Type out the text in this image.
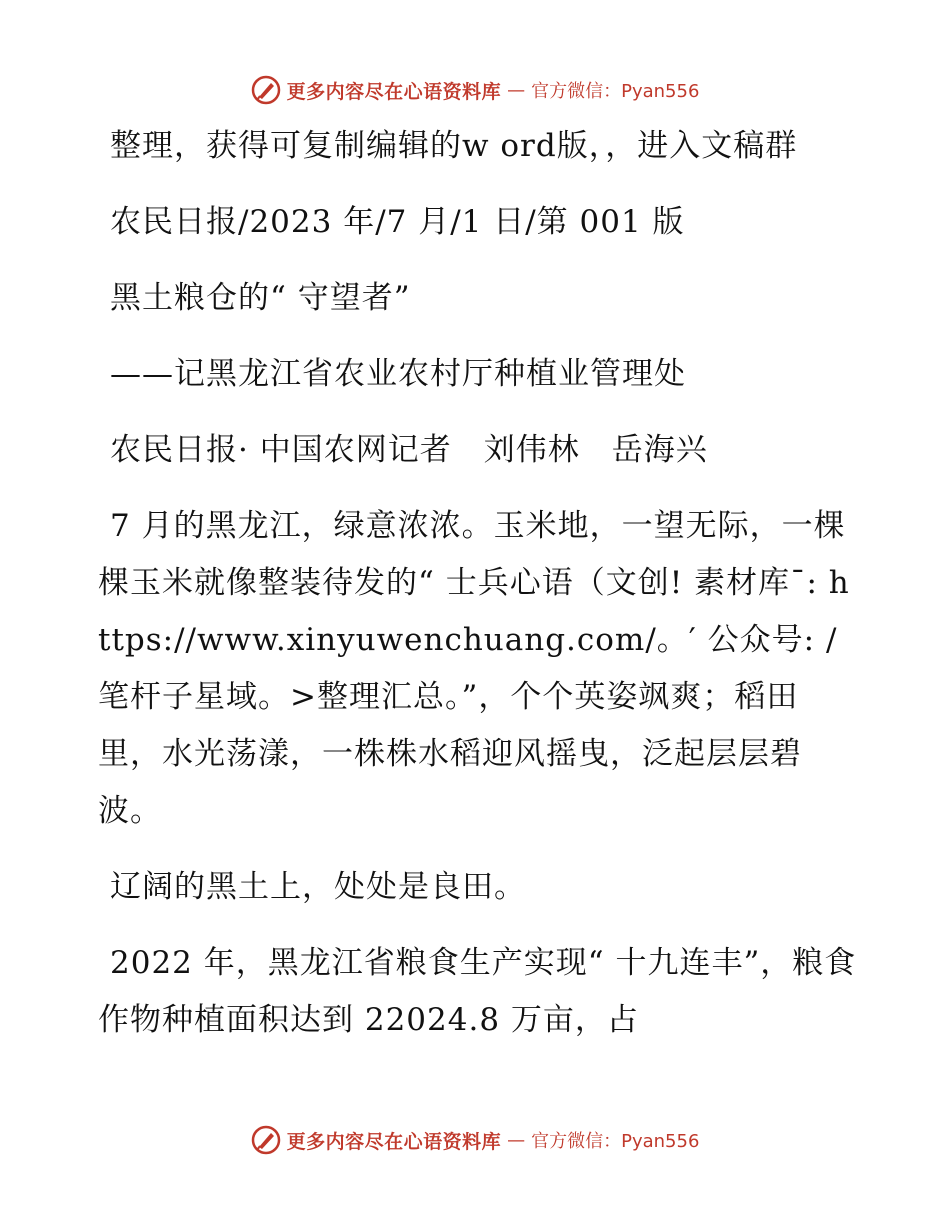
更多内容尽在心语资料库 — 官方微信：Pyan556

整理，获得可复制编辑的w ord版，，进入文稿群

农民日报/2023 年/7 月/1 日/第 001 版

黑土粮仓的“ 守望者”

——记黑龙江省农业农村厅种植业管理处

农民日报· 中国农网记者　刘伟林　岳海兴

7 月的黑龙江，绿意浓浓。玉米地，一望无际，一棵棵玉米就像整装待发的“ 士兵心语（文创! 素材库¯: https://www.xinyuwenchuang.com/。′ 公众号: /笔杆子星域。>整理汇总。”，个个英姿飒爽；稻田里，水光荡漾，一株株水稻迎风摇曳，泛起层层碧波。

辽阔的黑土上，处处是良田。

2022 年，黑龙江省粮食生产实现“ 十九连丰”，粮食作物种植面积达到 22024.8 万亩，占

更多内容尽在心语资料库 — 官方微信：Pyan556
